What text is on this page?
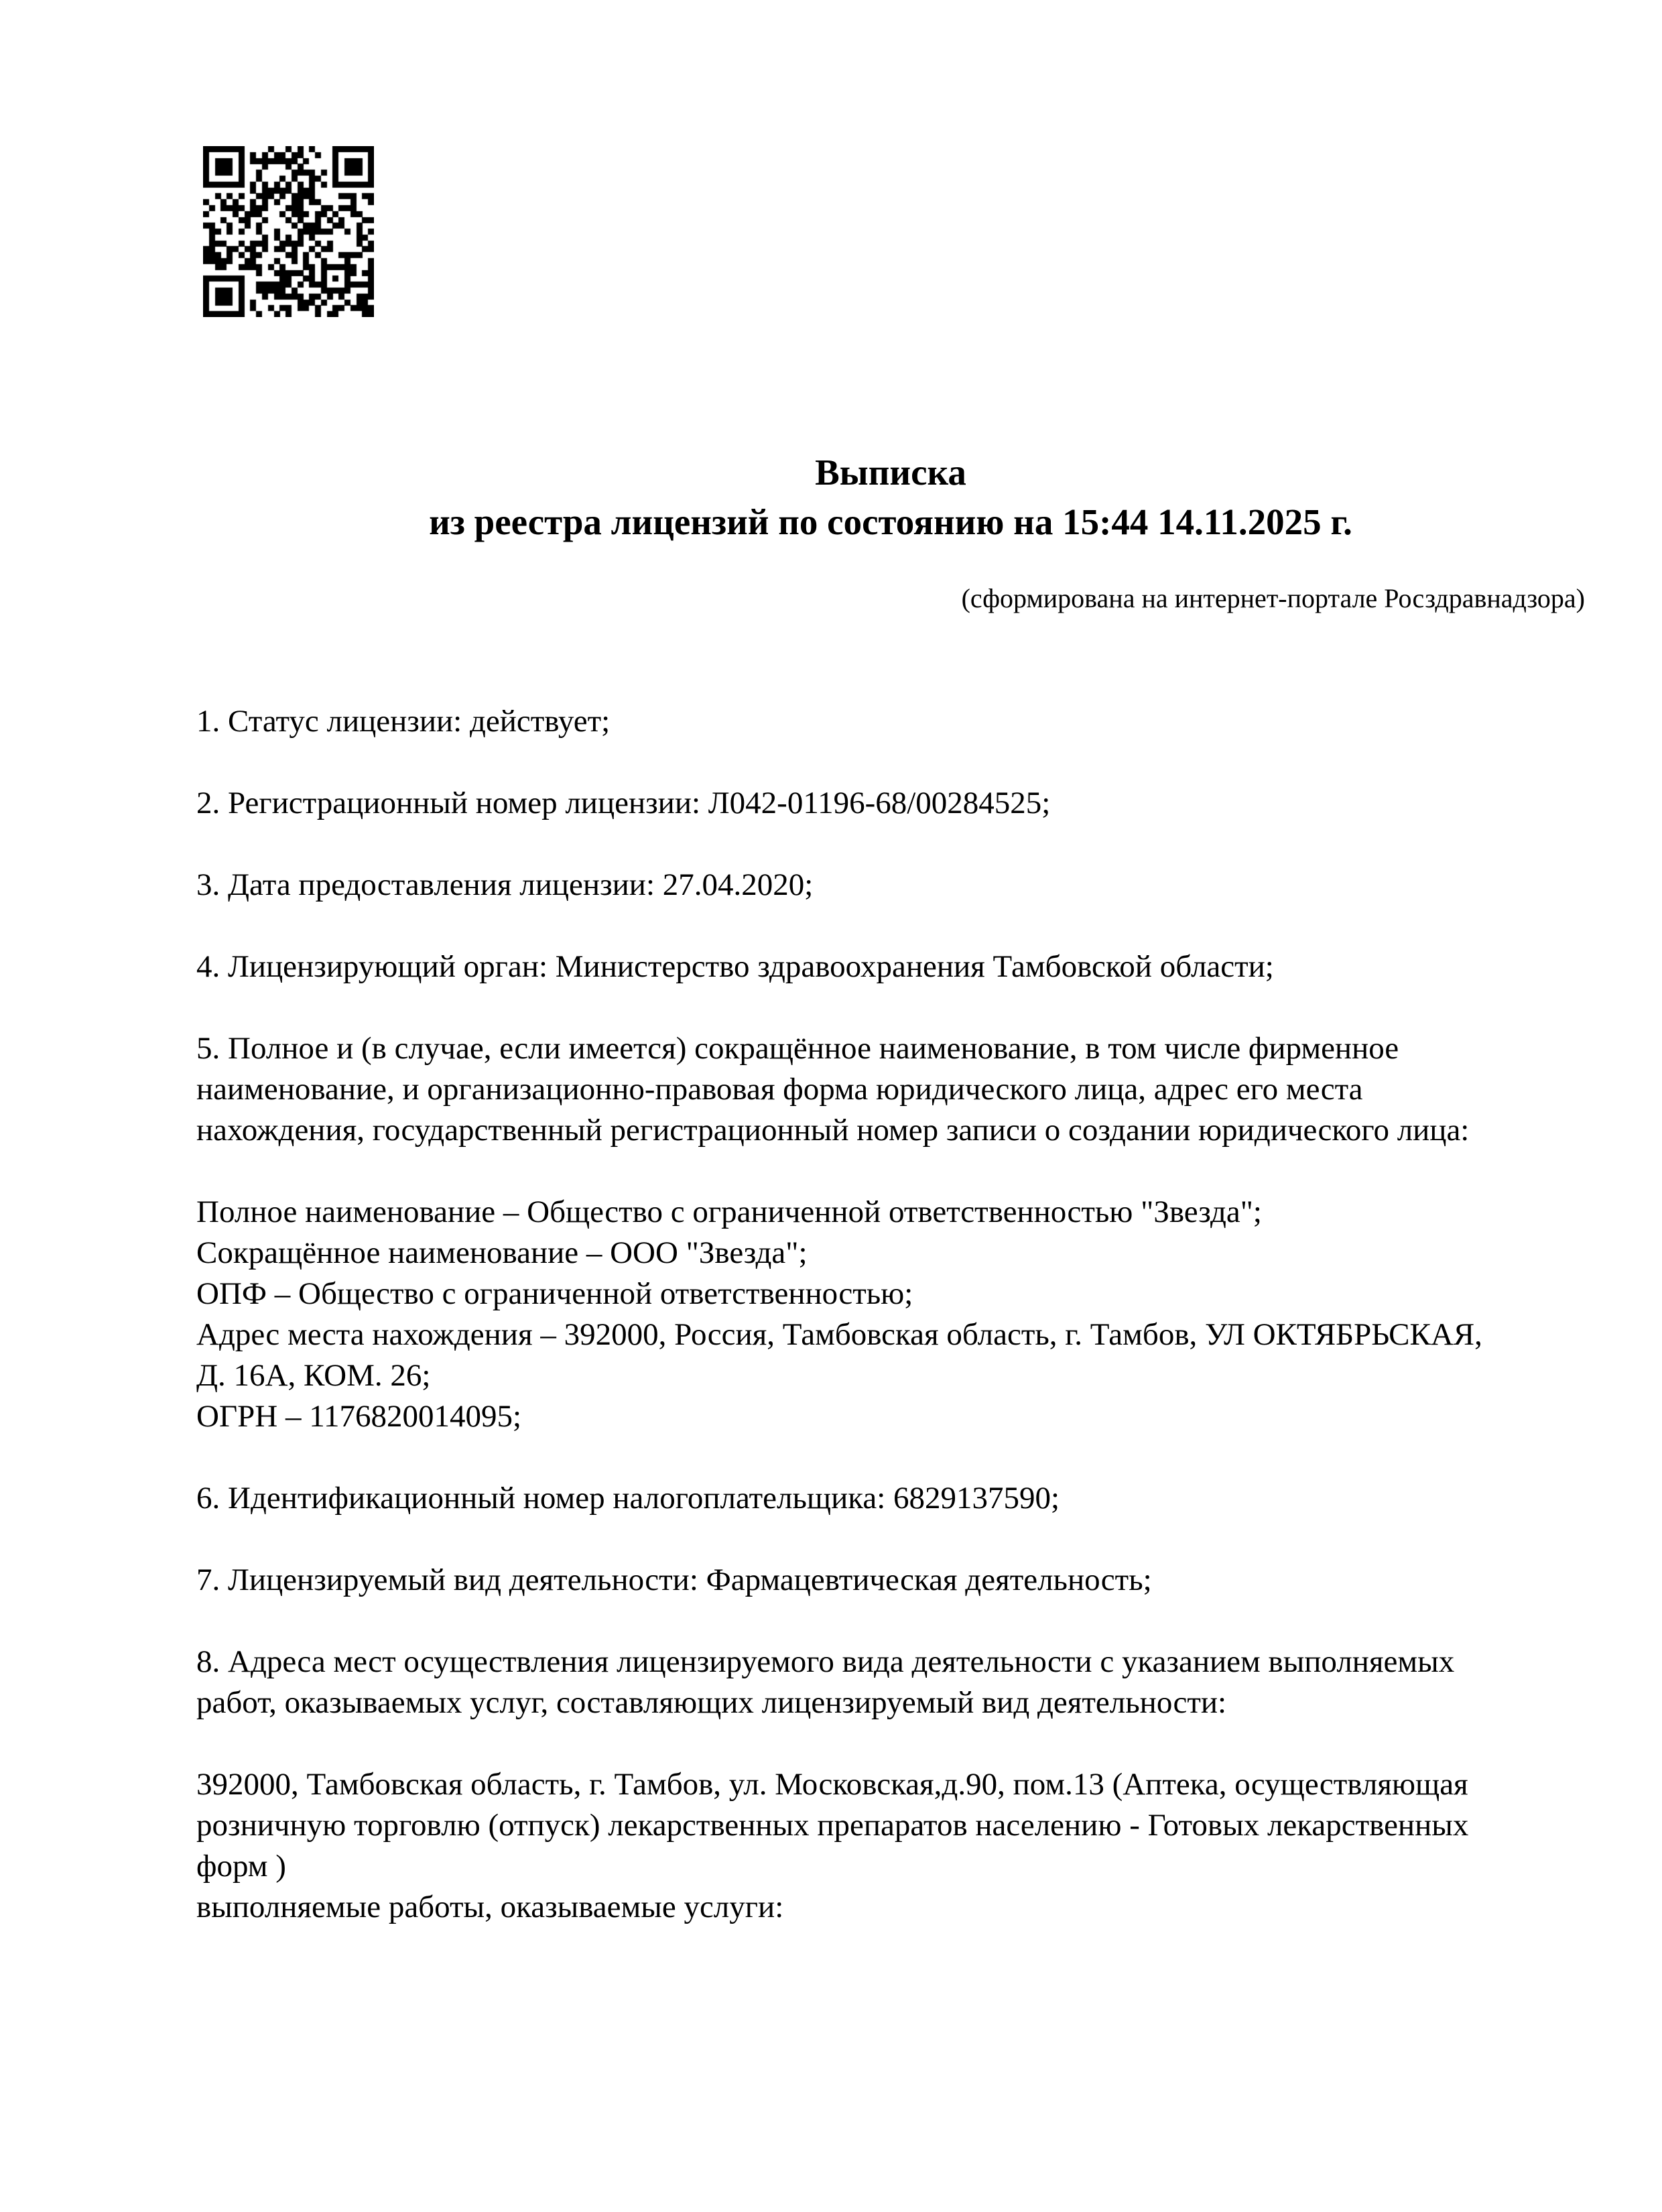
Выписка
из реестра лицензий по состоянию на 15:44 14.11.2025 г.
(сформирована на интернет-портале Росздравнадзора)
1. Статус лицензии: действует;

2. Регистрационный номер лицензии: Л042-01196-68/00284525;

3. Дата предоставления лицензии: 27.04.2020;

4. Лицензирующий орган: Министерство здравоохранения Тамбовской области;

5. Полное и (в случае, если имеется) сокращённое наименование, в том числе фирменное
наименование, и организационно-правовая форма юридического лица, адрес его места
нахождения, государственный регистрационный номер записи о создании юридического лица:

Полное наименование – Общество с ограниченной ответственностью "Звезда";
Сокращённое наименование – ООО "Звезда";
ОПФ – Общество с ограниченной ответственностью;
Адрес места нахождения – 392000, Россия, Тамбовская область, г. Тамбов, УЛ ОКТЯБРЬСКАЯ,
Д. 16А, КОМ. 26;
ОГРН – 1176820014095;

6. Идентификационный номер налогоплательщика: 6829137590;

7. Лицензируемый вид деятельности: Фармацевтическая деятельность;

8. Адреса мест осуществления лицензируемого вида деятельности с указанием выполняемых
работ, оказываемых услуг, составляющих лицензируемый вид деятельности:

392000, Тамбовская область, г. Тамбов, ул. Московская,д.90, пом.13 (Аптека, осуществляющая
розничную торговлю (отпуск) лекарственных препаратов населению - Готовых лекарственных
форм )
выполняемые работы, оказываемые услуги:
